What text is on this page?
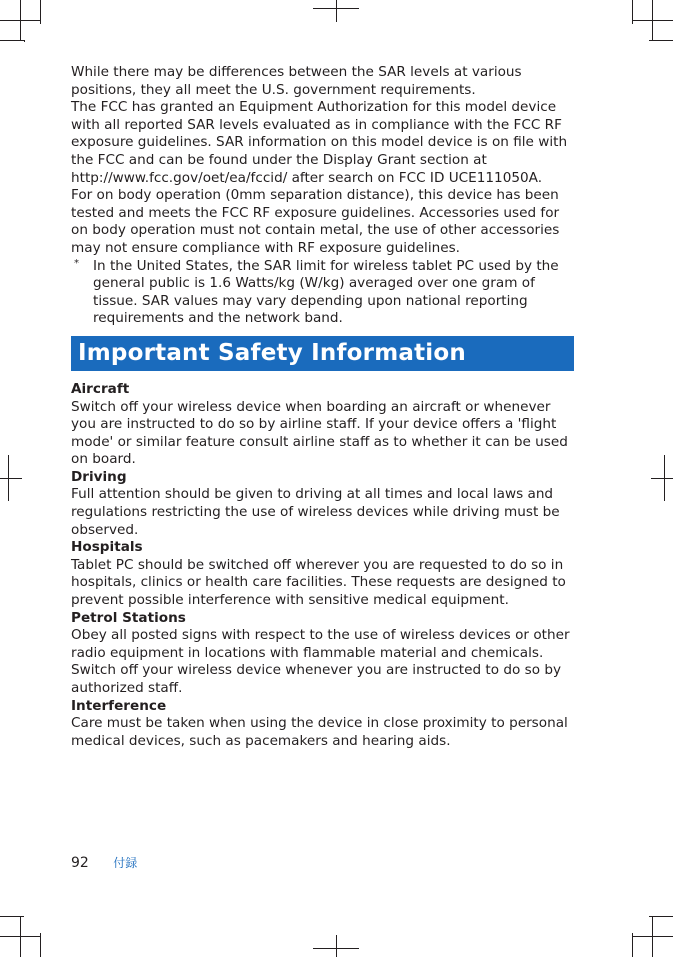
While there may be differences between the SAR levels at various positions, they all meet the U.S. government requirements.

The FCC has granted an Equipment Authorization for this model device with all reported SAR levels evaluated as in compliance with the FCC RF exposure guidelines. SAR information on this model device is on file with the FCC and can be found under the Display Grant section at http://www.fcc.gov/oet/ea/fccid/ after search on FCC ID UCE111050A.

For on body operation (0mm separation distance), this device has been tested and meets the FCC RF exposure guidelines. Accessories used for on body operation must not contain metal, the use of other accessories may not ensure compliance with RF exposure guidelines.

* In the United States, the SAR limit for wireless tablet PC used by the general public is 1.6 Watts/kg (W/kg) averaged over one gram of tissue. SAR values may vary depending upon national reporting requirements and the network band.

Important Safety Information

Aircraft

Switch off your wireless device when boarding an aircraft or whenever you are instructed to do so by airline staff. If your device offers a 'flight mode' or similar feature consult airline staff as to whether it can be used on board.

Driving

Full attention should be given to driving at all times and local laws and regulations restricting the use of wireless devices while driving must be observed.

Hospitals

Tablet PC should be switched off wherever you are requested to do so in hospitals, clinics or health care facilities. These requests are designed to prevent possible interference with sensitive medical equipment.

Petrol Stations

Obey all posted signs with respect to the use of wireless devices or other radio equipment in locations with flammable material and chemicals. Switch off your wireless device whenever you are instructed to do so by authorized staff.

Interference

Care must be taken when using the device in close proximity to personal medical devices, such as pacemakers and hearing aids.

92 付録
